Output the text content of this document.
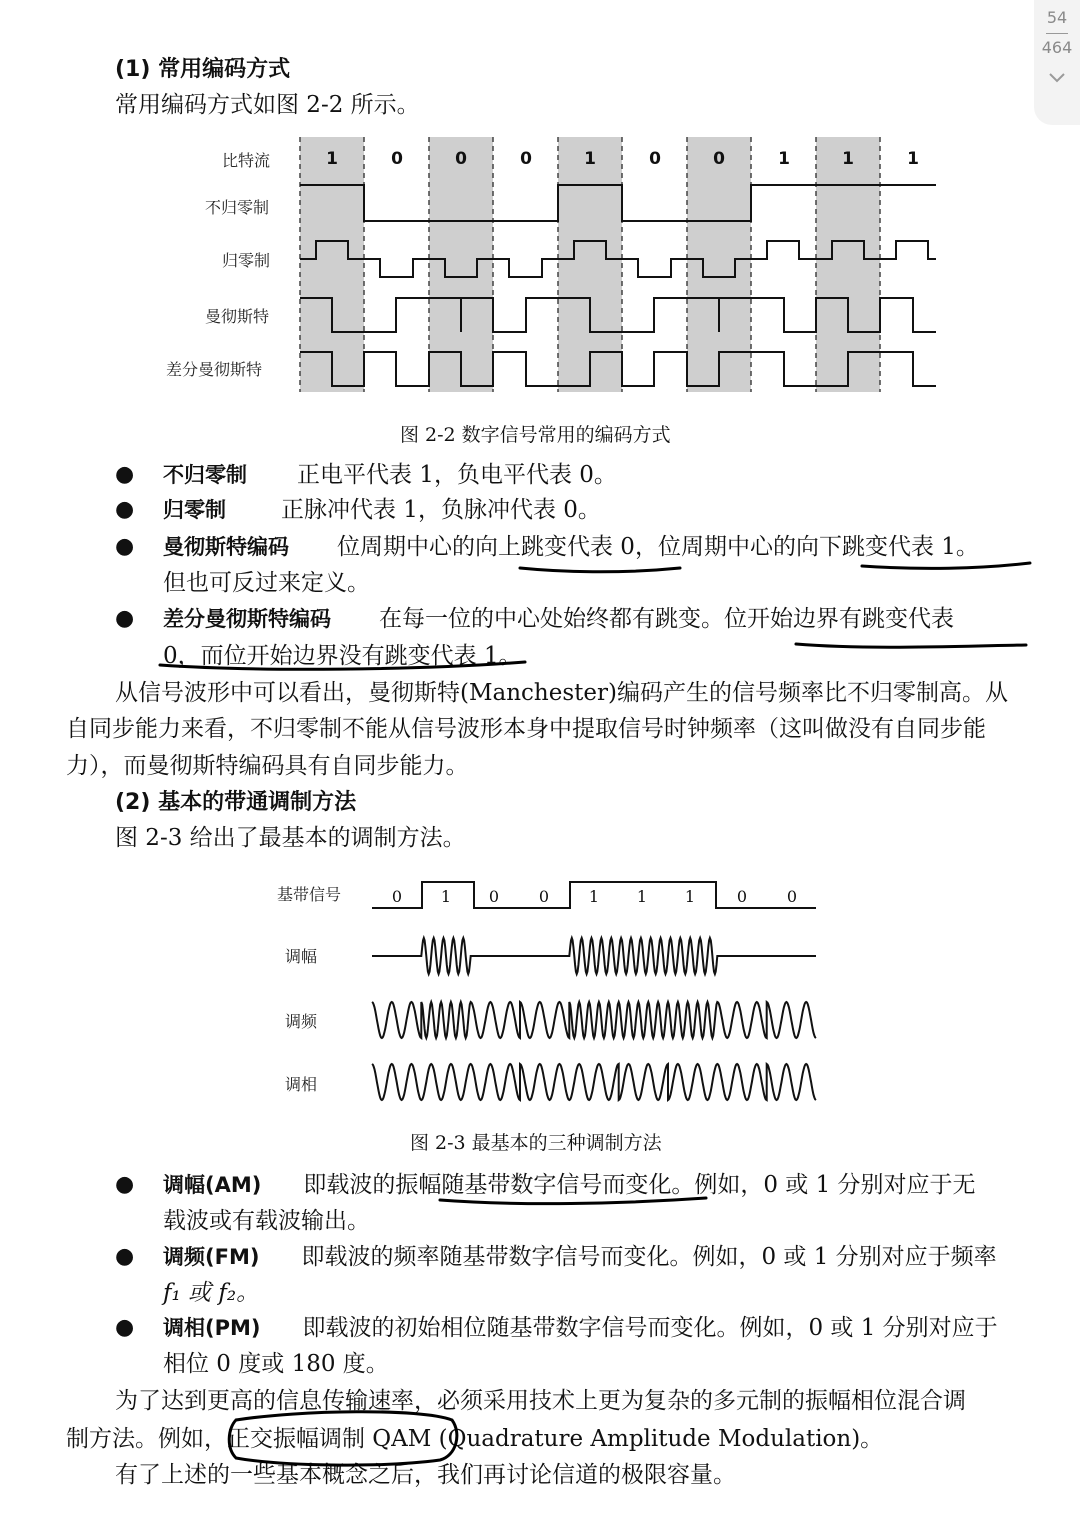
54
464
(1) 常用编码方式
常用编码方式如图 2-2 所示。
比特流
不归零制
归零制
曼彻斯特
差分曼彻斯特
1	0	0	0	1	0	0	1	1	1
图 2-2 数字信号常用的编码方式
● 不归零制 正电平代表 1，负电平代表 0。
● 归零制 正脉冲代表 1，负脉冲代表 0。
● 曼彻斯特编码 位周期中心的向上跳变代表 0，位周期中心的向下跳变代表 1。
但也可反过来定义。
● 差分曼彻斯特编码 在每一位的中心处始终都有跳变。位开始边界有跳变代表
0，而位开始边界没有跳变代表 1。
从信号波形中可以看出，曼彻斯特(Manchester)编码产生的信号频率比不归零制高。从
自同步能力来看，不归零制不能从信号波形本身中提取信号时钟频率（这叫做没有自同步能
力），而曼彻斯特编码具有自同步能力。
(2) 基本的带通调制方法
图 2-3 给出了最基本的调制方法。
0 1 0 0 1 1 1	0 0
基带信号
调幅
调频
调相
图 2-3 最基本的三种调制方法
● 调幅(AM) 即载波的振幅随基带数字信号而变化。例如，0 或 1 分别对应于无
载波或有载波输出。
● 调频(FM) 即载波的频率随基带数字信号而变化。例如，0 或 1 分别对应于频率
f₁ 或 f₂。
● 调相(PM) 即载波的初始相位随基带数字信号而变化。例如，0 或 1 分别对应于
相位 0 度或 180 度。
为了达到更高的信息传输速率，必须采用技术上更为复杂的多元制的振幅相位混合调
制方法。例如，正交振幅调制 QAM (Quadrature Amplitude Modulation)。
有了上述的一些基本概念之后，我们再讨论信道的极限容量。
